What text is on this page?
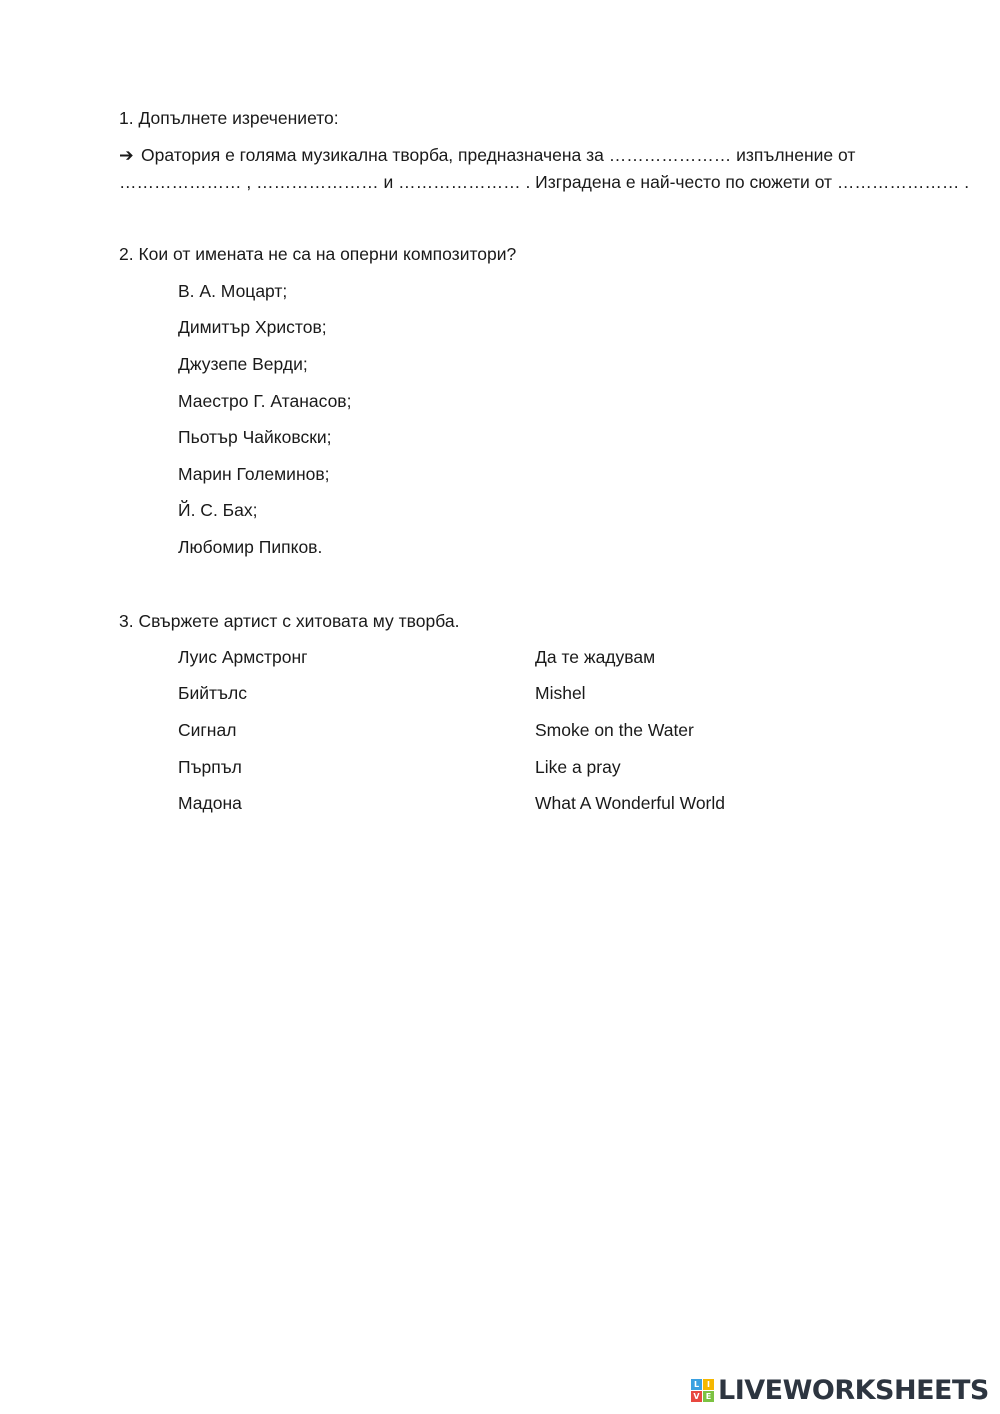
1. Допълнете изречението:
➔ Оратория е голяма музикална творба, предназначена за ………………… изпълнение от
………………… , ………………… и ………………… . Изградена е най-често по сюжети от ………………… .
2. Кои от имената не са на оперни композитори?
В. А. Моцарт;
Димитър Христов;
Джузепе Верди;
Маестро Г. Атанасов;
Пьотър Чайковски;
Марин Големинов;
Й. С. Бах;
Любомир Пипков.
3. Свържете артист с хитовата му творба.
Луис Армстронг
Бийтълс
Сигнал
Пърпъл
Мадона
Да те жадувам
Mishel
Smoke on the Water
Like a pray
What A Wonderful World
L I
V E LIVEWORKSHEETS
